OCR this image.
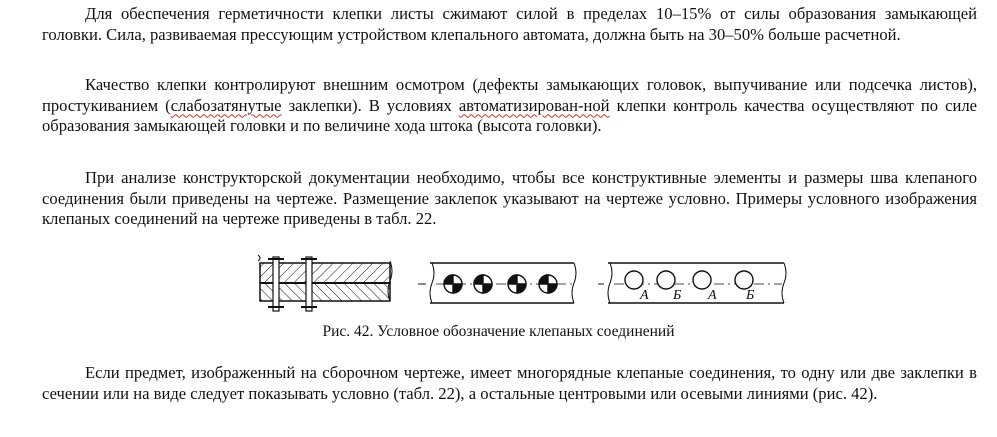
Для обеспечения герметичности клепки листы сжимают силой в пределах 10–15% от силы образования замыкающей головки. Сила, развиваемая прессующим устройством клепального автомата, должна быть на 30–50% больше расчетной.

Качество клепки контролируют внешним осмотром (дефекты замыкающих головок, выпучивание или подсечка листов), простукиванием (слабозатянутые заклепки). В условиях автоматизирован-ной клепки контроль качества осуществляют по силе образования замыкающей головки и по величине хода штока (высота головки).

При анализе конструкторской документации необходимо, чтобы все конструктивные элементы и размеры шва клепаного соединения были приведены на чертеже. Размещение заклепок указывают на чертеже условно. Примеры условного изображения клепаных соединений на чертеже приведены в табл. 22.

А Б А Б
Рис. 42. Условное обозначение клепаных соединений

Если предмет, изображенный на сборочном чертеже, имеет многорядные клепаные соединения, то одну или две заклепки в сечении или на виде следует показывать условно (табл. 22), а остальные центровыми или осевыми линиями (рис. 42).
